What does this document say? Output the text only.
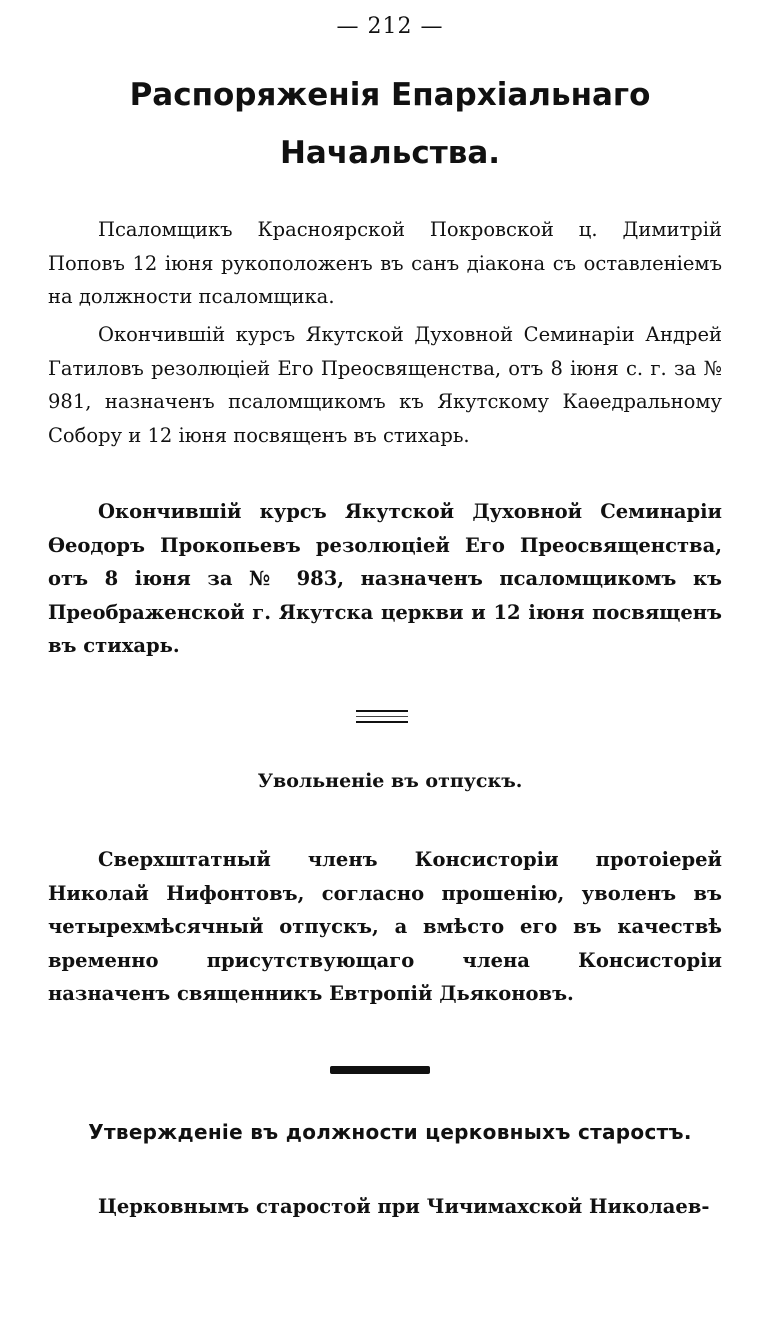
— 212 —
Распоряженія Епархіальнаго Начальства.

Псаломщикъ Красноярской Покровской ц. Димитрій Поповъ 12 іюня рукоположенъ въ санъ діакона съ оставленіемъ на должности псаломщика.

Окончившій курсъ Якутской Духовной Семинаріи Андрей Гатиловъ резолюціей Его Преосвященства, отъ 8 іюня с. г. за № 981, назначенъ псаломщикомъ къ Якутскому Каѳедральному Собору и 12 іюня посвященъ въ стихарь.

Окончившій курсъ Якутской Духовной Семинаріи Ѳеодоръ Прокопьевъ резолюціей Его Преосвященства, отъ 8 іюня за № 983, назначенъ псаломщикомъ къ Преображенской г. Якутска церкви и 12 іюня посвященъ въ стихарь.

Увольненіе въ отпускъ.

Сверхштатный членъ Консисторіи протоіерей Николай Нифонтовъ, согласно прошенію, уволенъ въ четырехмѣсячный отпускъ, а вмѣсто его въ качествѣ временно присутствующаго члена Консисторіи назначенъ священникъ Евтропій Дьяконовъ.

Утвержденіе въ должности церковныхъ старостъ.

Церковнымъ старостой при Чичимахской Николаев-
